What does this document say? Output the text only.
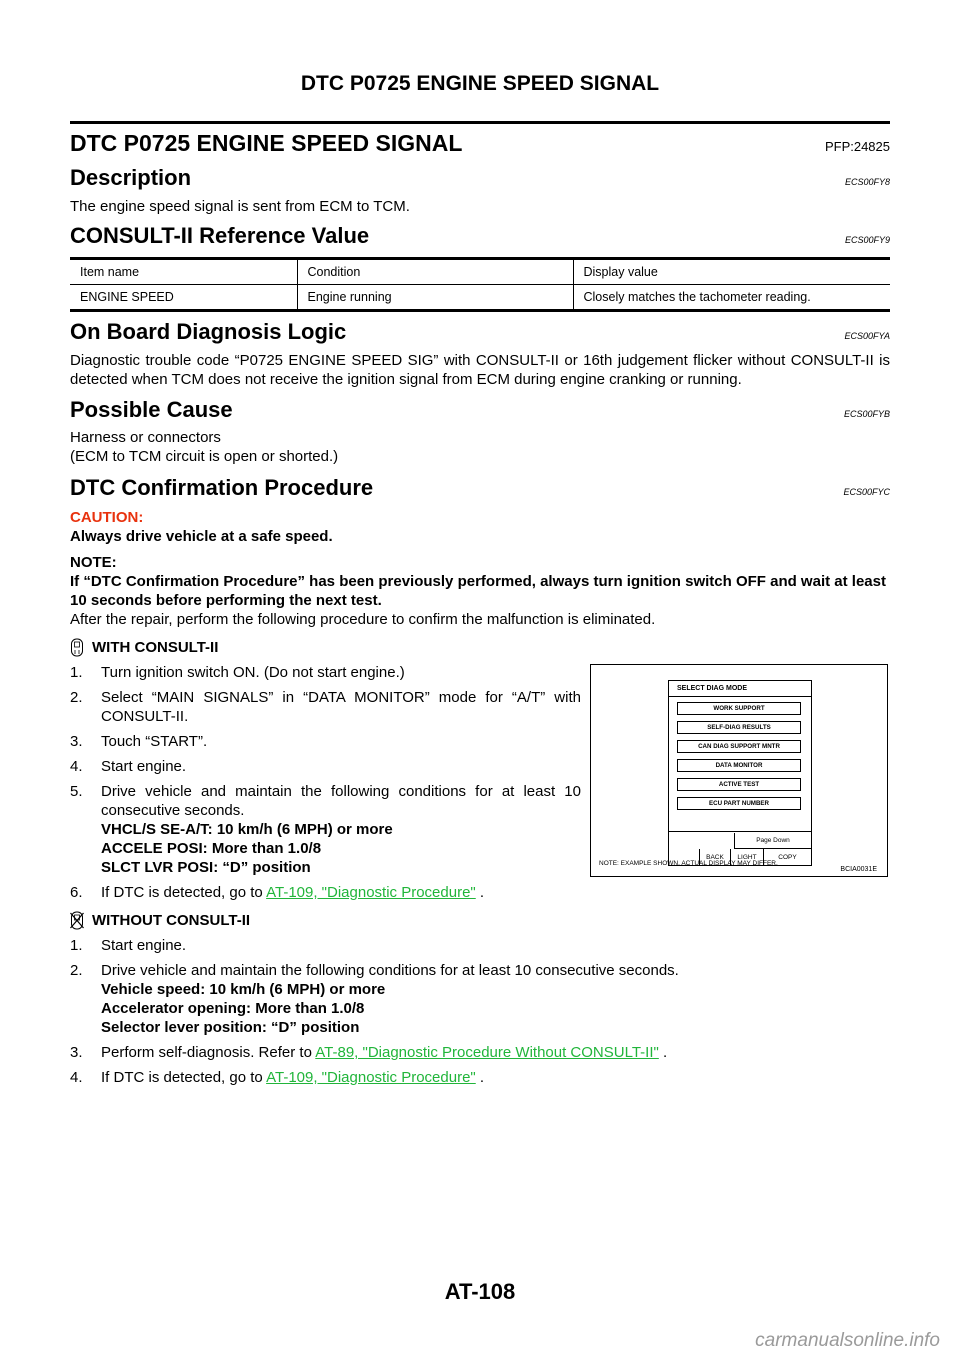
DTC P0725 ENGINE SPEED SIGNAL
DTC P0725 ENGINE SPEED SIGNAL	PFP:24825
Description	ECS00FY8

The engine speed signal is sent from ECM to TCM.

CONSULT-II Reference Value	ECS00FY9
Item name	Condition	Display value
ENGINE SPEED	Engine running	Closely matches the tachometer reading.
On Board Diagnosis Logic	ECS00FYA

Diagnostic trouble code “P0725 ENGINE SPEED SIG” with CONSULT-II or 16th judgement flicker without CONSULT-II is detected when TCM does not receive the ignition signal from ECM during engine cranking or running.

Possible Cause	ECS00FYB

Harness or connectors

(ECM to TCM circuit is open or shorted.)

DTC Confirmation Procedure	ECS00FYC

CAUTION:

Always drive vehicle at a safe speed.

NOTE:

If “DTC Confirmation Procedure” has been previously performed, always turn ignition switch OFF and wait at least 10 seconds before performing the next test.

After the repair, perform the following procedure to confirm the malfunction is eliminated.

WITH CONSULT-II
1. Turn ignition switch ON. (Do not start engine.)
2. Select “MAIN SIGNALS” in “DATA MONITOR” mode for “A/T” with CONSULT-II.
3. Touch “START”.
4. Start engine.
5. Drive vehicle and maintain the following conditions for at least 10 consecutive seconds.
VHCL/S SE-A/T: 10 km/h (6 MPH) or more
ACCELE POSI: More than 1.0/8
SLCT LVR POSI: “D” position
6. If DTC is detected, go to AT-109, "Diagnostic Procedure" .
WITHOUT CONSULT-II
1. Start engine.
2. Drive vehicle and maintain the following conditions for at least 10 consecutive seconds.
Vehicle speed: 10 km/h (6 MPH) or more
Accelerator opening: More than 1.0/8
Selector lever position: “D” position
3. Perform self-diagnosis. Refer to AT-89, "Diagnostic Procedure Without CONSULT-II" .
4. If DTC is detected, go to AT-109, "Diagnostic Procedure" .
SELECT DIAG MODE
WORK SUPPORT
SELF-DIAG RESULTS
CAN DIAG SUPPORT MNTR
DATA MONITOR
ACTIVE TEST
ECU PART NUMBER
Page Down
BACK	LIGHT	COPY
NOTE: EXAMPLE SHOWN. ACTUAL DISPLAY MAY DIFFER.
BCIA0031E
AT-108
carmanualsonline.info
